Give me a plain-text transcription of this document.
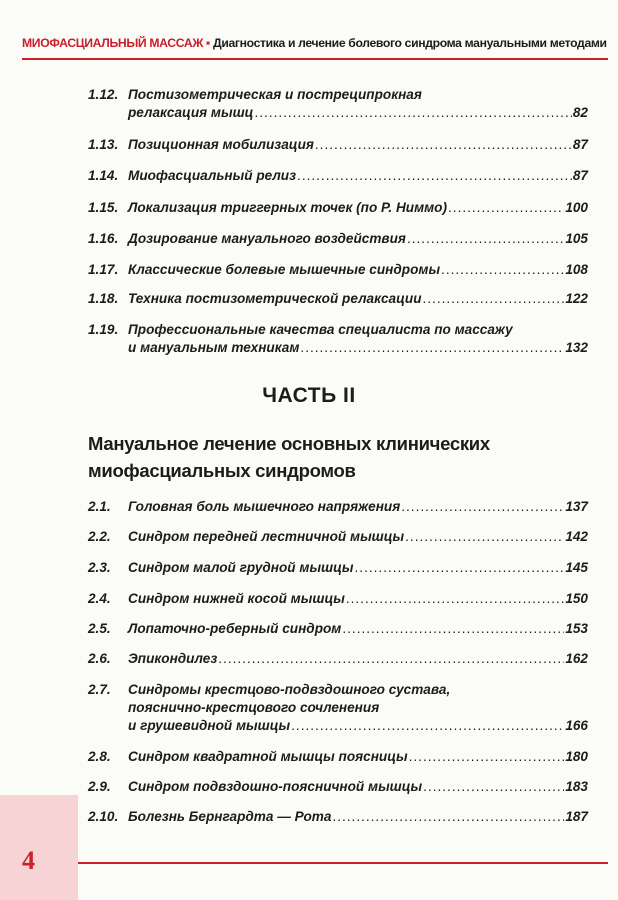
МИОФАСЦИАЛЬНЫЙ МАССАЖ ▪ Диагностика и лечение болевого синдрома мануальными методами
1.12. Постизометрическая и постреципрокная
релаксация мышц .....	82
1.13. Позиционная мобилизация .....	87
1.14. Миофасциальный релиз .....	87
1.15. Локализация триггерных точек (по Р. Ниммо) .....	100
1.16. Дозирование мануального воздействия .....	105
1.17. Классические болевые мышечные синдромы .....	108
1.18. Техника постизометрической релаксации .....	122
1.19. Профессиональные качества специалиста по массажу
и мануальным техникам .....	132
ЧАСТЬ II
Мануальное лечение основных клинических
миофасциальных синдромов
2.1.	Головная боль мышечного напряжения .....	137
2.2.	Синдром передней лестничной мышцы .....	142
2.3.	Синдром малой грудной мышцы .....	145
2.4.	Синдром нижней косой мышцы .....	150
2.5.	Лопаточно-реберный синдром .....	153
2.6.	Эпикондилез .....	162
2.7.	Синдромы крестцово-подвздошного сустава,
пояснично-крестцового сочленения
и грушевидной мышцы .....	166
2.8.	Синдром квадратной мышцы поясницы .....	180
2.9.	Синдром подвздошно-поясничной мышцы .....	183
2.10. Болезнь Бернгардта — Рота .....	187
4
